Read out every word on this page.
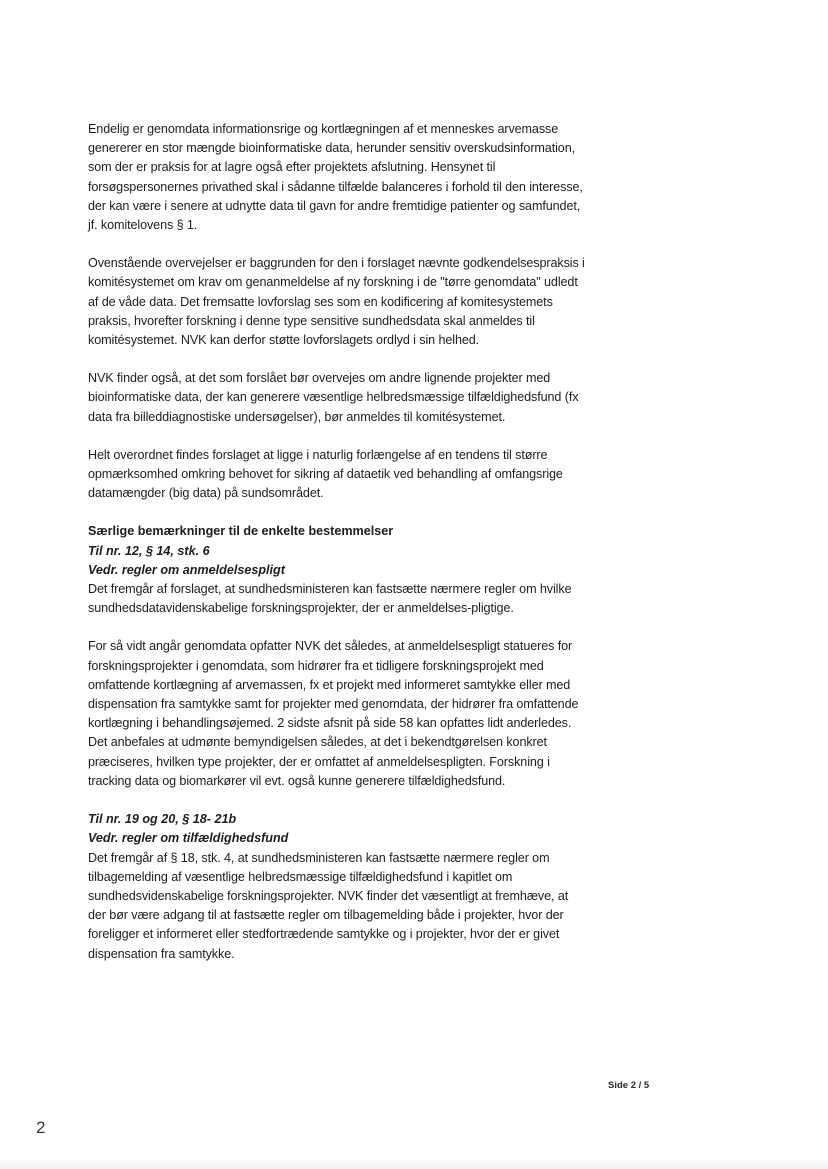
Endelig er genomdata informationsrige og kortlægningen af et menneskes arvemasse genererer en stor mængde bioinformatiske data, herunder sensitiv overskudsinformation, som der er praksis for at lagre også efter projektets afslutning. Hensynet til forsøgspersonernes privathed skal i sådanne tilfælde balanceres i forhold til den interesse, der kan være i senere at udnytte data til gavn for andre fremtidige patienter og samfundet, jf. komitelovens § 1.

Ovenstående overvejelser er baggrunden for den i forslaget nævnte godkendelsespraksis i komitésystemet om krav om genanmeldelse af ny forskning i de "tørre genomdata" udledt af de våde data. Det fremsatte lovforslag ses som en kodificering af komitesystemets praksis, hvorefter forskning i denne type sensitive sundhedsdata skal anmeldes til komitésystemet. NVK kan derfor støtte lovforslagets ordlyd i sin helhed.

NVK finder også, at det som forslået bør overvejes om andre lignende projekter med bioinformatiske data, der kan generere væsentlige helbredsmæssige tilfældighedsfund (fx data fra billeddiagnostiske undersøgelser), bør anmeldes til komitésystemet.

Helt overordnet findes forslaget at ligge i naturlig forlængelse af en tendens til større opmærksomhed omkring behovet for sikring af dataetik ved behandling af omfangsrige datamængder (big data) på sundsområdet.

Særlige bemærkninger til de enkelte bestemmelser

Til nr. 12, § 14, stk. 6

Vedr. regler om anmeldelsespligt

Det fremgår af forslaget, at sundhedsministeren kan fastsætte nærmere regler om hvilke sundhedsdatavidenskabelige forskningsprojekter, der er anmeldelses-pligtige.

For så vidt angår genomdata opfatter NVK det således, at anmeldelsespligt statueres for forskningsprojekter i genomdata, som hidrører fra et tidligere forskningsprojekt med omfattende kortlægning af arvemassen, fx et projekt med informeret samtykke eller med dispensation fra samtykke samt for projekter med genomdata, der hidrører fra omfattende kortlægning i behandlingsøjemed. 2 sidste afsnit på side 58 kan opfattes lidt anderledes. Det anbefales at udmønte bemyndigelsen således, at det i bekendtgørelsen konkret præciseres, hvilken type projekter, der er omfattet af anmeldelsespligten. Forskning i tracking data og biomarkører vil evt. også kunne generere tilfældighedsfund.

Til nr. 19 og 20, § 18- 21b

Vedr. regler om tilfældighedsfund

Det fremgår af § 18, stk. 4, at sundhedsministeren kan fastsætte nærmere regler om tilbagemelding af væsentlige helbredsmæssige tilfældighedsfund i kapitlet om sundhedsvidenskabelige forskningsprojekter. NVK finder det væsentligt at fremhæve, at der bør være adgang til at fastsætte regler om tilbagemelding både i projekter, hvor der foreligger et informeret eller stedfortrædende samtykke og i projekter, hvor der er givet dispensation fra samtykke.

Side 2 / 5
2
